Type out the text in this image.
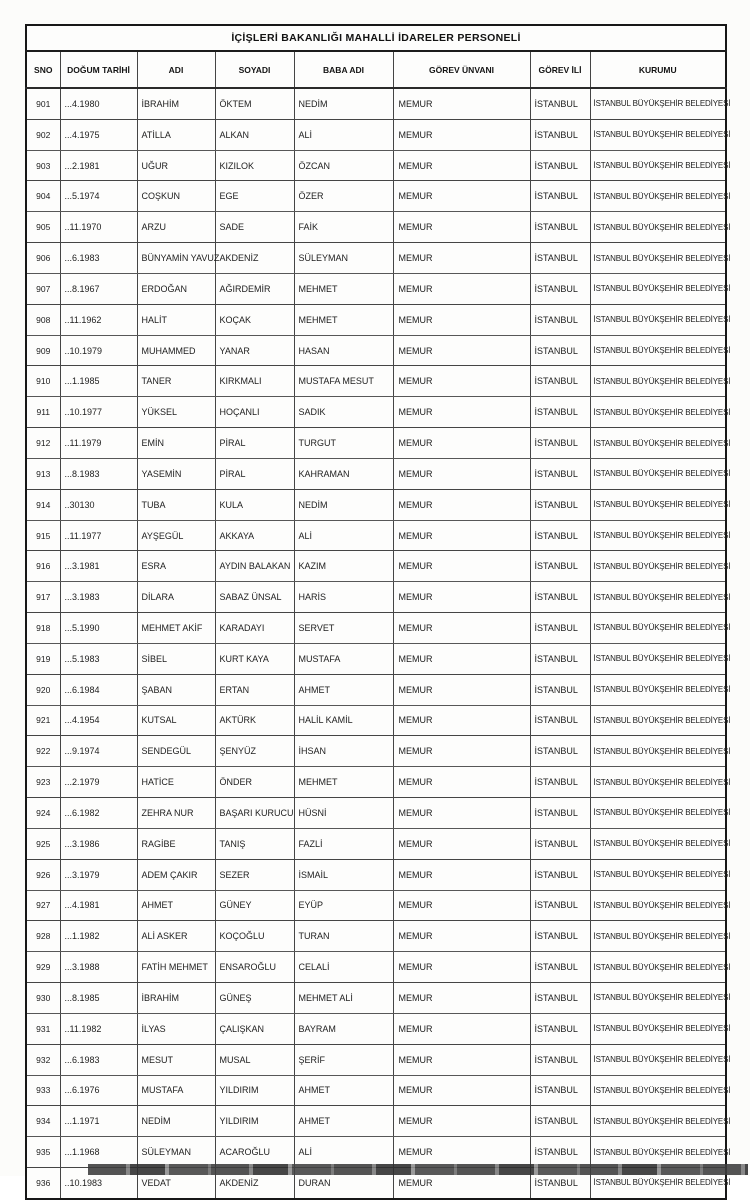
İÇİŞLERİ BAKANLIĞI MAHALLİ İDARELER PERSONELİ							
SNO	DOĞUM TARİHİ	ADI	SOYADI	BABA ADI	GÖREV ÜNVANI	GÖREV İLİ	KURUMU
901	...4.1980	İBRAHİM	ÖKTEM	NEDİM	MEMUR	İSTANBUL	İSTANBUL BÜYÜKŞEHİR BELEDİYESİ
902	...4.1975	ATİLLA	ALKAN	ALİ	MEMUR	İSTANBUL	İSTANBUL BÜYÜKŞEHİR BELEDİYESİ
903	...2.1981	UĞUR	KIZILOK	ÖZCAN	MEMUR	İSTANBUL	İSTANBUL BÜYÜKŞEHİR BELEDİYESİ
904	...5.1974	COŞKUN	EGE	ÖZER	MEMUR	İSTANBUL	İSTANBUL BÜYÜKŞEHİR BELEDİYESİ
905	..11.1970	ARZU	SADE	FAİK	MEMUR	İSTANBUL	İSTANBUL BÜYÜKŞEHİR BELEDİYESİ
906	...6.1983	BÜNYAMİN YAVUZ	AKDENİZ	SÜLEYMAN	MEMUR	İSTANBUL	İSTANBUL BÜYÜKŞEHİR BELEDİYESİ
907	...8.1967	ERDOĞAN	AĞIRDEMİR	MEHMET	MEMUR	İSTANBUL	İSTANBUL BÜYÜKŞEHİR BELEDİYESİ
908	..11.1962	HALİT	KOÇAK	MEHMET	MEMUR	İSTANBUL	İSTANBUL BÜYÜKŞEHİR BELEDİYESİ
909	..10.1979	MUHAMMED	YANAR	HASAN	MEMUR	İSTANBUL	İSTANBUL BÜYÜKŞEHİR BELEDİYESİ
910	...1.1985	TANER	KIRKMALI	MUSTAFA MESUT	MEMUR	İSTANBUL	İSTANBUL BÜYÜKŞEHİR BELEDİYESİ
911	..10.1977	YÜKSEL	HOÇANLI	SADIK	MEMUR	İSTANBUL	İSTANBUL BÜYÜKŞEHİR BELEDİYESİ
912	..11.1979	EMİN	PİRAL	TURGUT	MEMUR	İSTANBUL	İSTANBUL BÜYÜKŞEHİR BELEDİYESİ
913	...8.1983	YASEMİN	PİRAL	KAHRAMAN	MEMUR	İSTANBUL	İSTANBUL BÜYÜKŞEHİR BELEDİYESİ
914	..30130	TUBA	KULA	NEDİM	MEMUR	İSTANBUL	İSTANBUL BÜYÜKŞEHİR BELEDİYESİ
915	..11.1977	AYŞEGÜL	AKKAYA	ALİ	MEMUR	İSTANBUL	İSTANBUL BÜYÜKŞEHİR BELEDİYESİ
916	...3.1981	ESRA	AYDIN BALAKAN	KAZIM	MEMUR	İSTANBUL	İSTANBUL BÜYÜKŞEHİR BELEDİYESİ
917	...3.1983	DİLARA	SABAZ ÜNSAL	HARİS	MEMUR	İSTANBUL	İSTANBUL BÜYÜKŞEHİR BELEDİYESİ
918	...5.1990	MEHMET AKİF	KARADAYI	SERVET	MEMUR	İSTANBUL	İSTANBUL BÜYÜKŞEHİR BELEDİYESİ
919	...5.1983	SİBEL	KURT KAYA	MUSTAFA	MEMUR	İSTANBUL	İSTANBUL BÜYÜKŞEHİR BELEDİYESİ
920	...6.1984	ŞABAN	ERTAN	AHMET	MEMUR	İSTANBUL	İSTANBUL BÜYÜKŞEHİR BELEDİYESİ
921	...4.1954	KUTSAL	AKTÜRK	HALİL KAMİL	MEMUR	İSTANBUL	İSTANBUL BÜYÜKŞEHİR BELEDİYESİ
922	...9.1974	SENDEGÜL	ŞENYÜZ	İHSAN	MEMUR	İSTANBUL	İSTANBUL BÜYÜKŞEHİR BELEDİYESİ
923	...2.1979	HATİCE	ÖNDER	MEHMET	MEMUR	İSTANBUL	İSTANBUL BÜYÜKŞEHİR BELEDİYESİ
924	...6.1982	ZEHRA NUR	BAŞARI KURUCU	HÜSNİ	MEMUR	İSTANBUL	İSTANBUL BÜYÜKŞEHİR BELEDİYESİ
925	...3.1986	RAGİBE	TANIŞ	FAZLİ	MEMUR	İSTANBUL	İSTANBUL BÜYÜKŞEHİR BELEDİYESİ
926	...3.1979	ADEM ÇAKIR	SEZER	İSMAİL	MEMUR	İSTANBUL	İSTANBUL BÜYÜKŞEHİR BELEDİYESİ
927	...4.1981	AHMET	GÜNEY	EYÜP	MEMUR	İSTANBUL	İSTANBUL BÜYÜKŞEHİR BELEDİYESİ
928	...1.1982	ALİ ASKER	KOÇOĞLU	TURAN	MEMUR	İSTANBUL	İSTANBUL BÜYÜKŞEHİR BELEDİYESİ
929	...3.1988	FATİH MEHMET	ENSAROĞLU	CELALİ	MEMUR	İSTANBUL	İSTANBUL BÜYÜKŞEHİR BELEDİYESİ
930	...8.1985	İBRAHİM	GÜNEŞ	MEHMET ALİ	MEMUR	İSTANBUL	İSTANBUL BÜYÜKŞEHİR BELEDİYESİ
931	..11.1982	İLYAS	ÇALIŞKAN	BAYRAM	MEMUR	İSTANBUL	İSTANBUL BÜYÜKŞEHİR BELEDİYESİ
932	...6.1983	MESUT	MUSAL	ŞERİF	MEMUR	İSTANBUL	İSTANBUL BÜYÜKŞEHİR BELEDİYESİ
933	...6.1976	MUSTAFA	YILDIRIM	AHMET	MEMUR	İSTANBUL	İSTANBUL BÜYÜKŞEHİR BELEDİYESİ
934	...1.1971	NEDİM	YILDIRIM	AHMET	MEMUR	İSTANBUL	İSTANBUL BÜYÜKŞEHİR BELEDİYESİ
935	...1.1968	SÜLEYMAN	ACAROĞLU	ALİ	MEMUR	İSTANBUL	İSTANBUL BÜYÜKŞEHİR BELEDİYESİ
936	..10.1983	VEDAT	AKDENİZ	DURAN	MEMUR	İSTANBUL	İSTANBUL BÜYÜKŞEHİR BELEDİYESİ
